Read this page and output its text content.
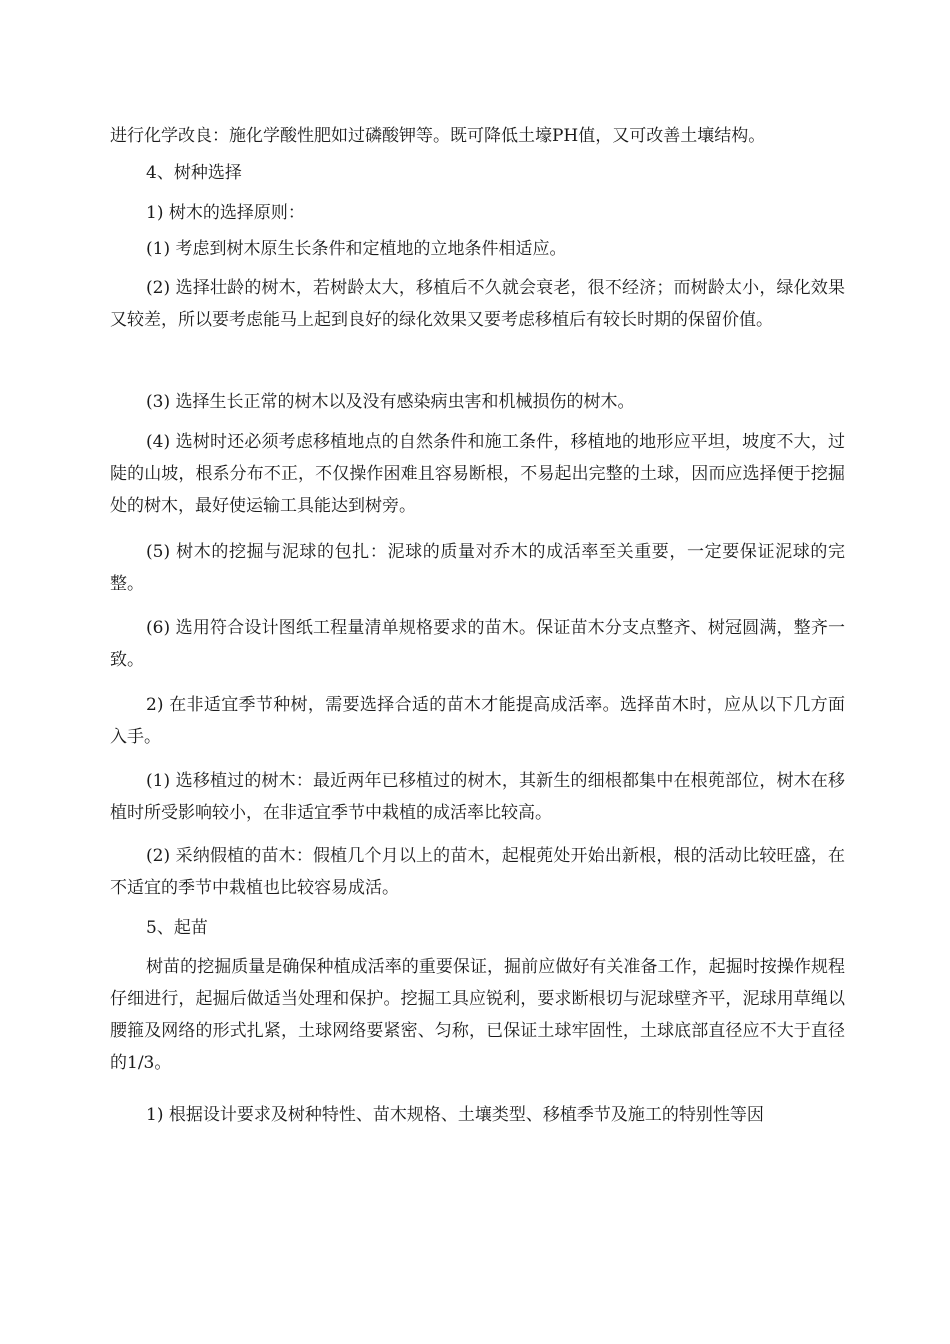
进行化学改良：施化学酸性肥如过磷酸钾等。既可降低土壕PH值，又可改善土壤结构。

4、树种选择

1) 树木的选择原则：

(1) 考虑到树木原生长条件和定植地的立地条件相适应。

(2) 选择壮龄的树木，若树龄太大，移植后不久就会衰老，很不经济；而树龄太小，绿化效果又较差，所以要考虑能马上起到良好的绿化效果又要考虑移植后有较长时期的保留价值。

(3) 选择生长正常的树木以及没有感染病虫害和机械损伤的树木。

(4) 选树时还必须考虑移植地点的自然条件和施工条件，移植地的地形应平坦，坡度不大，过陡的山坡，根系分布不正，不仅操作困难且容易断根，不易起出完整的土球，因而应选择便于挖掘处的树木，最好使运输工具能达到树旁。

(5) 树木的挖掘与泥球的包扎：泥球的质量对乔木的成活率至关重要，一定要保证泥球的完整。

(6) 选用符合设计图纸工程量清单规格要求的苗木。保证苗木分支点整齐、树冠圆满，整齐一致。

2) 在非适宜季节种树，需要选择合适的苗木才能提高成活率。选择苗木时，应从以下几方面入手。

(1) 选移植过的树木：最近两年已移植过的树木，其新生的细根都集中在根蔸部位，树木在移植时所受影响较小，在非适宜季节中栽植的成活率比较高。

(2) 采纳假植的苗木：假植几个月以上的苗木，起棍蔸处开始出新根，根的活动比较旺盛，在不适宜的季节中栽植也比较容易成活。

5、起苗

树苗的挖掘质量是确保种植成活率的重要保证，掘前应做好有关准备工作，起掘时按操作规程仔细进行，起掘后做适当处理和保护。挖掘工具应锐利，要求断根切与泥球壁齐平，泥球用草绳以腰箍及网络的形式扎紧，土球网络要紧密、匀称，已保证土球牢固性，土球底部直径应不大于直径的1/3。

1) 根据设计要求及树种特性、苗木规格、土壤类型、移植季节及施工的特别性等因
